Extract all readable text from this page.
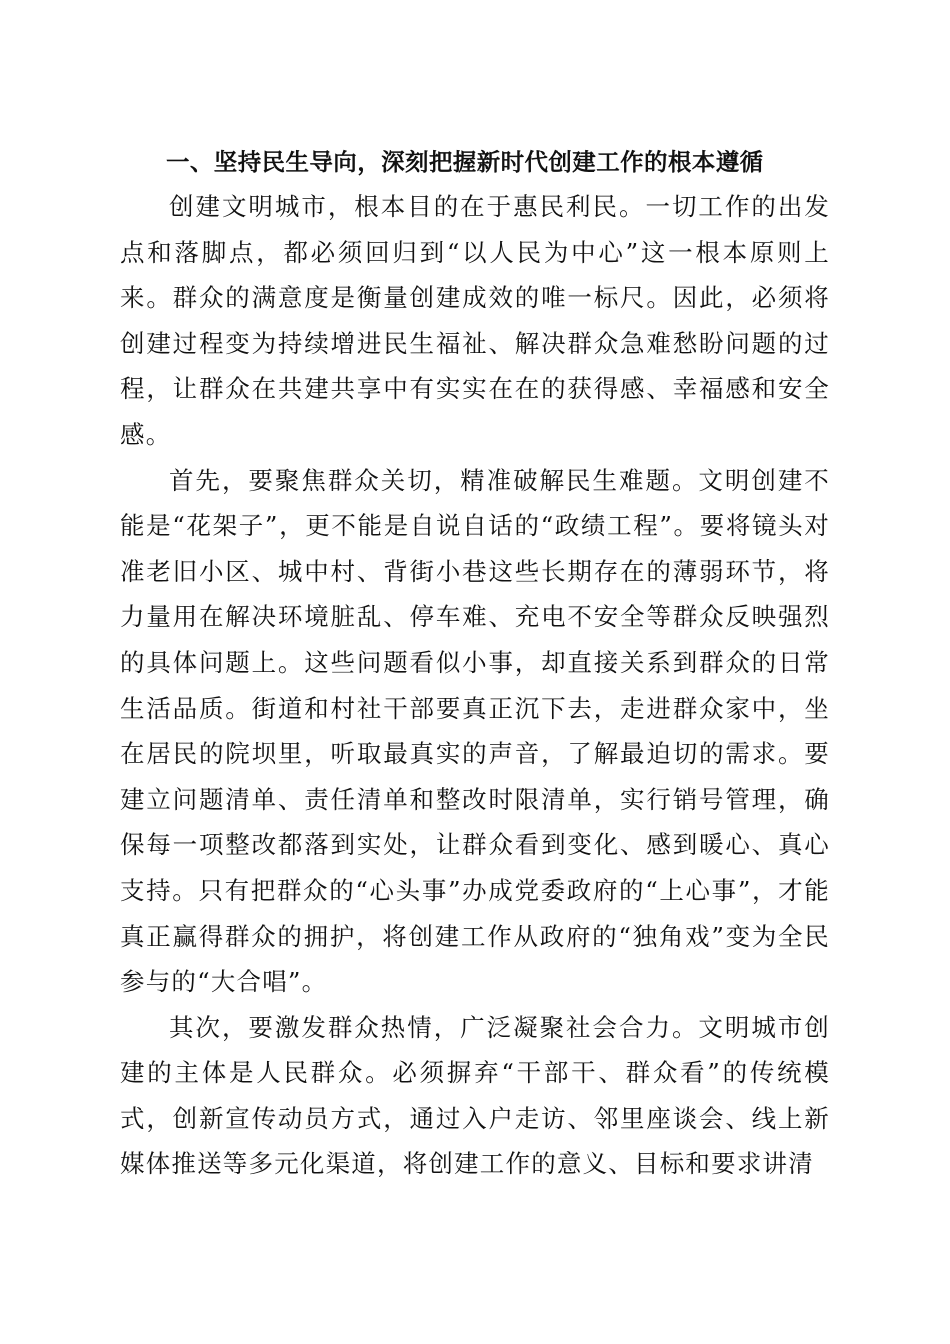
一、坚持民生导向，深刻把握新时代创建工作的根本遵循

创建文明城市，根本目的在于惠民利民。一切工作的出发点和落脚点，都必须回归到“以人民为中心”这一根本原则上来。群众的满意度是衡量创建成效的唯一标尺。因此，必须将创建过程变为持续增进民生福祉、解决群众急难愁盼问题的过程，让群众在共建共享中有实实在在的获得感、幸福感和安全感。

首先，要聚焦群众关切，精准破解民生难题。文明创建不能是“花架子”，更不能是自说自话的“政绩工程”。要将镜头对准老旧小区、城中村、背街小巷这些长期存在的薄弱环节，将力量用在解决环境脏乱、停车难、充电不安全等群众反映强烈的具体问题上。这些问题看似小事，却直接关系到群众的日常生活品质。街道和村社干部要真正沉下去，走进群众家中，坐在居民的院坝里，听取最真实的声音，了解最迫切的需求。要建立问题清单、责任清单和整改时限清单，实行销号管理，确保每一项整改都落到实处，让群众看到变化、感到暖心、真心支持。只有把群众的“心头事”办成党委政府的“上心事”，才能真正赢得群众的拥护，将创建工作从政府的“独角戏”变为全民参与的“大合唱”。

其次，要激发群众热情，广泛凝聚社会合力。文明城市创建的主体是人民群众。必须摒弃“干部干、群众看”的传统模式，创新宣传动员方式，通过入户走访、邻里座谈会、线上新媒体推送等多元化渠道，将创建工作的意义、目标和要求讲清
